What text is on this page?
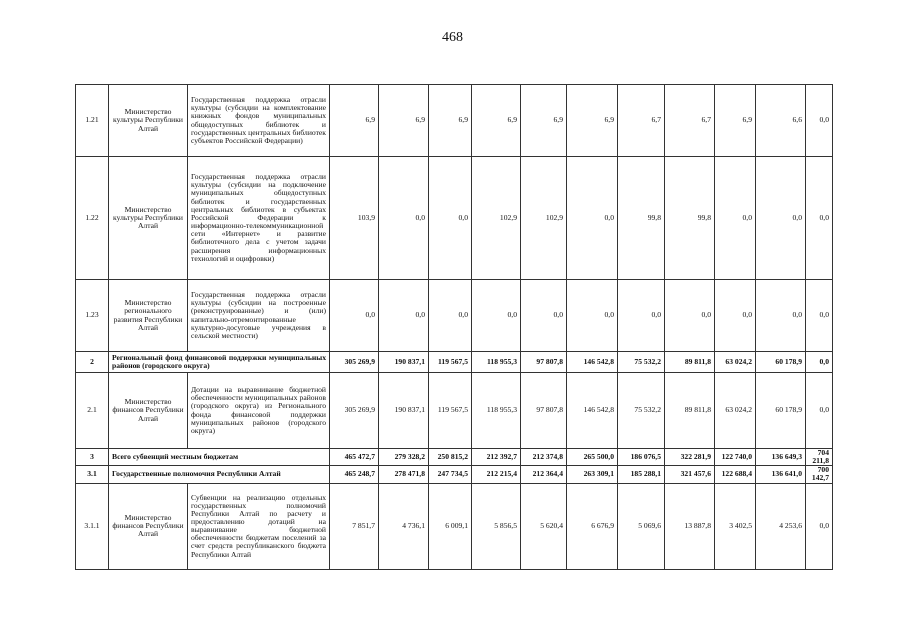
468
1.21	Министерство культуры Республики Алтай	Государственная поддержка отрасли культуры (субсидии на комплектование книжных фондов муниципальных общедоступных библиотек и государственных центральных библиотек субъектов Российской Федерации)	6,9	6,9	6,9	6,9	6,9	6,9	6,7	6,7	6,9	6,6	0,0
1.22	Министерство культуры Республики Алтай	Государственная поддержка отрасли культуры (субсидии на подключение муниципальных общедоступных библиотек и государственных центральных библиотек в субъектах Российской Федерации к информационно-телекоммуникационной сети «Интернет» и развитие библиотечного дела с учетом задачи расширения информационных технологий и оцифровки)	103,9	0,0	0,0	102,9	102,9	0,0	99,8	99,8	0,0	0,0	0,0
1.23	Министерство регионального развития Республики Алтай	Государственная поддержка отрасли культуры (субсидии на построенные (реконструированные) и (или) капитально-отремонтированные культурно-досуговые учреждения в сельской местности)	0,0	0,0	0,0	0,0	0,0	0,0	0,0	0,0	0,0	0,0	0,0
2	Региональный фонд финансовой поддержки муниципальных районов (городского округа)		305 269,9	190 837,1	119 567,5	118 955,3	97 807,8	146 542,8	75 532,2	89 811,8	63 024,2	60 178,9	0,0
2.1	Министерство финансов Республики Алтай	Дотации на выравнивание бюджетной обеспеченности муниципальных районов (городского округа) из Регионального фонда финансовой поддержки муниципальных районов (городского округа)	305 269,9	190 837,1	119 567,5	118 955,3	97 807,8	146 542,8	75 532,2	89 811,8	63 024,2	60 178,9	0,0
3	Всего субвенций местным бюджетам		465 472,7	279 328,2	250 815,2	212 392,7	212 374,8	265 500,0	186 076,5	322 281,9	122 740,0	136 649,3	704 211,8
3.1	Государственные полномочия Республики Алтай		465 248,7	278 471,8	247 734,5	212 215,4	212 364,4	263 309,1	185 288,1	321 457,6	122 688,4	136 641,0	700 142,7
3.1.1	Министерство финансов Республики Алтай	Субвенции на реализацию отдельных государственных полномочий Республики Алтай по расчету и предоставлению дотаций на выравнивание бюджетной обеспеченности бюджетам поселений за счет средств республиканского бюджета Республики Алтай	7 851,7	4 736,1	6 009,1	5 856,5	5 620,4	6 676,9	5 069,6	13 887,8	3 402,5	4 253,6	0,0
